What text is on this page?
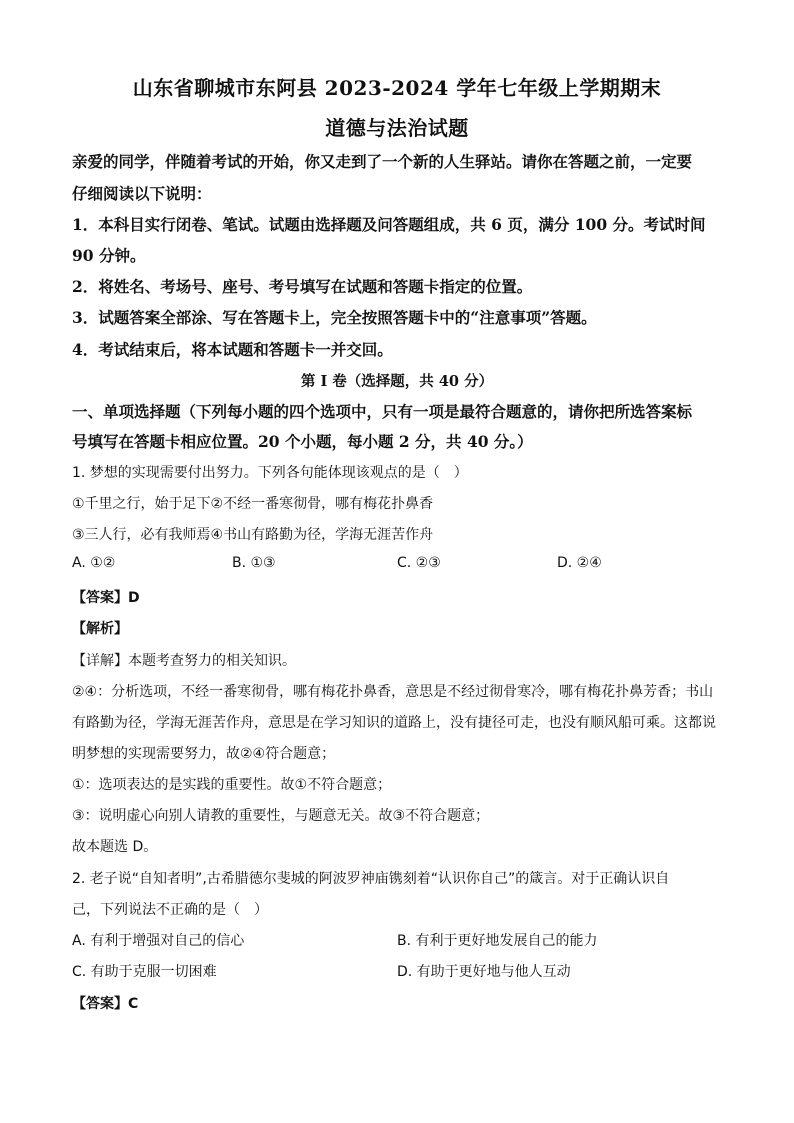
山东省聊城市东阿县 2023-2024 学年七年级上学期期末
道德与法治试题
亲爱的同学，伴随着考试的开始，你又走到了一个新的人生驿站。请你在答题之前，一定要
仔细阅读以下说明：
1．本科目实行闭卷、笔试。试题由选择题及问答题组成，共 6 页，满分 100 分。考试时间
90 分钟。
2．将姓名、考场号、座号、考号填写在试题和答题卡指定的位置。
3．试题答案全部涂、写在答题卡上，完全按照答题卡中的“注意事项”答题。
4．考试结束后，将本试题和答题卡一并交回。
第 I 卷（选择题，共 40 分）
一、单项选择题（下列每小题的四个选项中，只有一项是最符合题意的，请你把所选答案标
号填写在答题卡相应位置。20 个小题，每小题 2 分，共 40 分。）
1. 梦想的实现需要付出努力。下列各句能体现该观点的是（　）
①千里之行，始于足下②不经一番寒彻骨，哪有梅花扑鼻香
③三人行，必有我师焉④书山有路勤为径，学海无涯苦作舟
A. ①②	B. ①③	C. ②③	D. ②④
【答案】D
【解析】
【详解】本题考查努力的相关知识。
②④：分析选项，不经一番寒彻骨，哪有梅花扑鼻香，意思是不经过彻骨寒冷，哪有梅花扑鼻芳香；书山
有路勤为径，学海无涯苦作舟，意思是在学习知识的道路上，没有捷径可走，也没有顺风船可乘。这都说
明梦想的实现需要努力，故②④符合题意；
①：选项表达的是实践的重要性。故①不符合题意；
③：说明虚心向别人请教的重要性，与题意无关。故③不符合题意；
故本题选 D。
2. 老子说“自知者明”,古希腊德尔斐城的阿波罗神庙镌刻着“认识你自己”的箴言。对于正确认识自
己，下列说法不正确的是（　）
A. 有利于增强对自己的信心	B. 有利于更好地发展自己的能力
C. 有助于克服一切困难	D. 有助于更好地与他人互动
【答案】C
